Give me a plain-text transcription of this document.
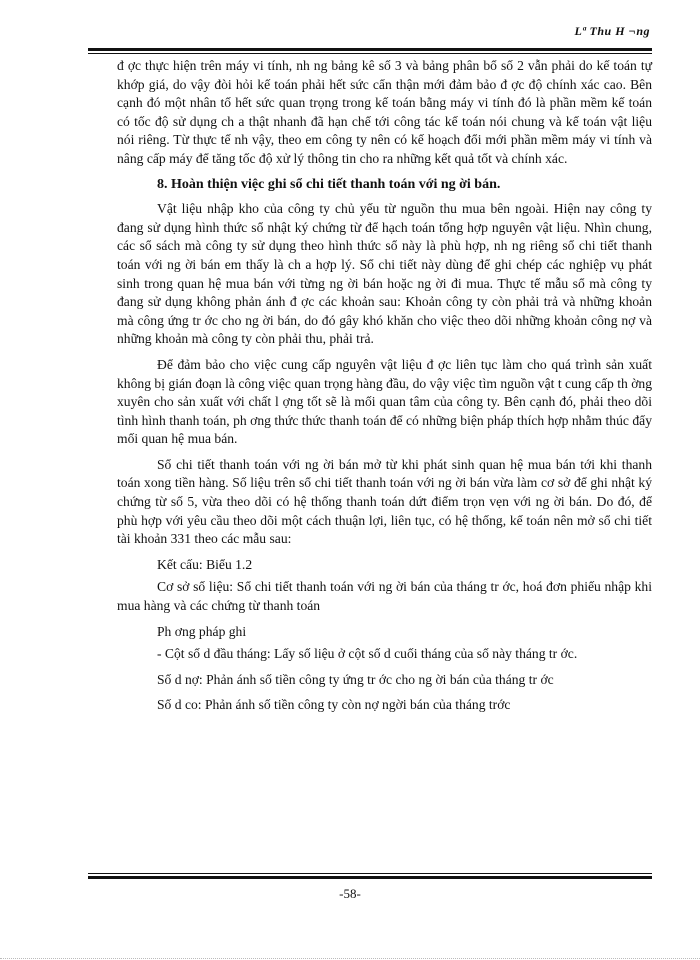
Lª Thu H ¬ng

đ ợc thực hiện trên máy vi tính, nh ng bảng kê số 3 và bảng phân bổ số 2 vẫn phải do kế toán tự khớp giá, do vậy đòi hỏi kế toán phải hết sức cẩn thận mới đảm bảo đ ợc độ chính xác cao. Bên cạnh đó một nhân tố hết sức quan trọng trong kế toán bằng máy vi tính đó là phần mềm kế toán có tốc độ sử dụng ch a thật nhanh đã hạn chế tới công tác kế toán nói chung và kế toán vật liệu nói riêng. Từ thực tế nh vậy, theo em công ty nên có kế hoạch đổi mới phần mềm máy vi tính và nâng cấp máy để tăng tốc độ xử lý thông tin cho ra những kết quả tốt và chính xác.

8. Hoàn thiện việc ghi sổ chi tiết thanh toán với ng ời bán.

Vật liệu nhập kho của công ty chủ yếu từ nguồn thu mua bên ngoài. Hiện nay công ty đang sử dụng hình thức sổ nhật ký chứng từ để hạch toán tổng hợp nguyên vật liệu. Nhìn chung, các sổ sách mà công ty sử dụng theo hình thức sổ này là phù hợp, nh ng riêng sổ chi tiết thanh toán với ng ời bán em thấy là ch a hợp lý. Sổ chi tiết này dùng để ghi chép các nghiệp vụ phát sinh trong quan hệ mua bán với từng ng ời bán hoặc ng ời đi mua. Thực tế mẫu sổ mà công ty đang sử dụng không phản ánh đ ợc các khoản sau: Khoản công ty còn phải trả và những khoản mà công ứng tr ớc cho ng ời bán, do đó gây khó khăn cho việc theo dõi những khoản công nợ và những khoản mà công ty còn phải thu, phải trả.

Để đảm bảo cho việc cung cấp nguyên vật liệu đ ợc liên tục làm cho quá trình sản xuất không bị gián đoạn là công việc quan trọng hàng đầu, do vậy việc tìm nguồn vật t cung cấp th ờng xuyên cho sản xuất với chất l ợng tốt sẽ là mối quan tâm của công ty. Bên cạnh đó, phải theo dõi tình hình thanh toán, ph ơng thức thức thanh toán để có những biện pháp thích hợp nhằm thúc đẩy mối quan hệ mua bán.

Sổ chi tiết thanh toán với ng ời bán mở từ khi phát sinh quan hệ mua bán tới khi thanh toán xong tiền hàng. Số liệu trên sổ chi tiết thanh toán với ng ời bán vừa làm cơ sở để ghi nhật ký chứng từ số 5, vừa theo dõi có hệ thống thanh toán dứt điểm trọn vẹn với ng ời bán. Do đó, để phù hợp với yêu cầu theo dõi một cách thuận lợi, liên tục, có hệ thống, kế toán nên mở sổ chi tiết tài khoản 331 theo các mẫu sau:

Kết cấu: Biểu 1.2

Cơ sở số liệu: Sổ chi tiết thanh toán với ng ời bán của tháng tr ớc, hoá đơn phiếu nhập khi mua hàng và các chứng từ thanh toán

Ph ơng pháp ghi

- Cột số d đầu tháng: Lấy số liệu ở cột số d cuối tháng của số này tháng tr ớc.

Số d nợ: Phản ánh số tiền công ty ứng tr ớc cho ng ời bán của tháng tr ớc

Số d co: Phản ánh số tiền công ty còn nợ ngời bán của tháng trớc

-58-
